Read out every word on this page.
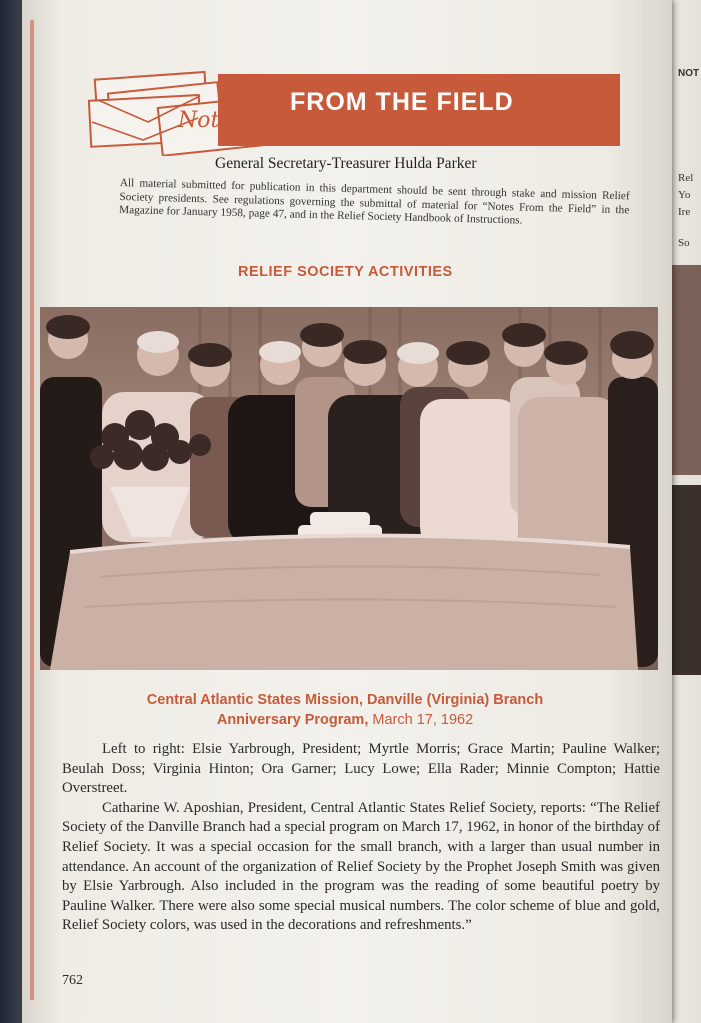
NOT
Rel
Yo
Ire
So
FROM THE FIELD
Notes
General Secretary-Treasurer Hulda Parker
All material submitted for publication in this department should be sent through stake and mission Relief Society presidents. See regulations governing the submittal of material for “Notes From the Field” in the Magazine for January 1958, page 47, and in the Relief Society Handbook of Instructions.
RELIEF SOCIETY ACTIVITIES
Central Atlantic States Mission, Danville (Virginia) Branch
Anniversary Program, March 17, 1962

Left to right: Elsie Yarbrough, President; Myrtle Morris; Grace Martin; Pauline Walker; Beulah Doss; Virginia Hinton; Ora Garner; Lucy Lowe; Ella Rader; Minnie Compton; Hattie Overstreet.

Catharine W. Aposhian, President, Central Atlantic States Relief Society, reports: “The Relief Society of the Danville Branch had a special program on March 17, 1962, in honor of the birthday of Relief Society. It was a special occasion for the small branch, with a larger than usual number in attendance. An account of the organization of Relief Society by the Prophet Joseph Smith was given by Elsie Yarbrough. Also included in the program was the reading of some beautiful poetry by Pauline Walker. There were also some special musical numbers. The color scheme of blue and gold, Relief Society colors, was used in the decorations and refreshments.”

762
